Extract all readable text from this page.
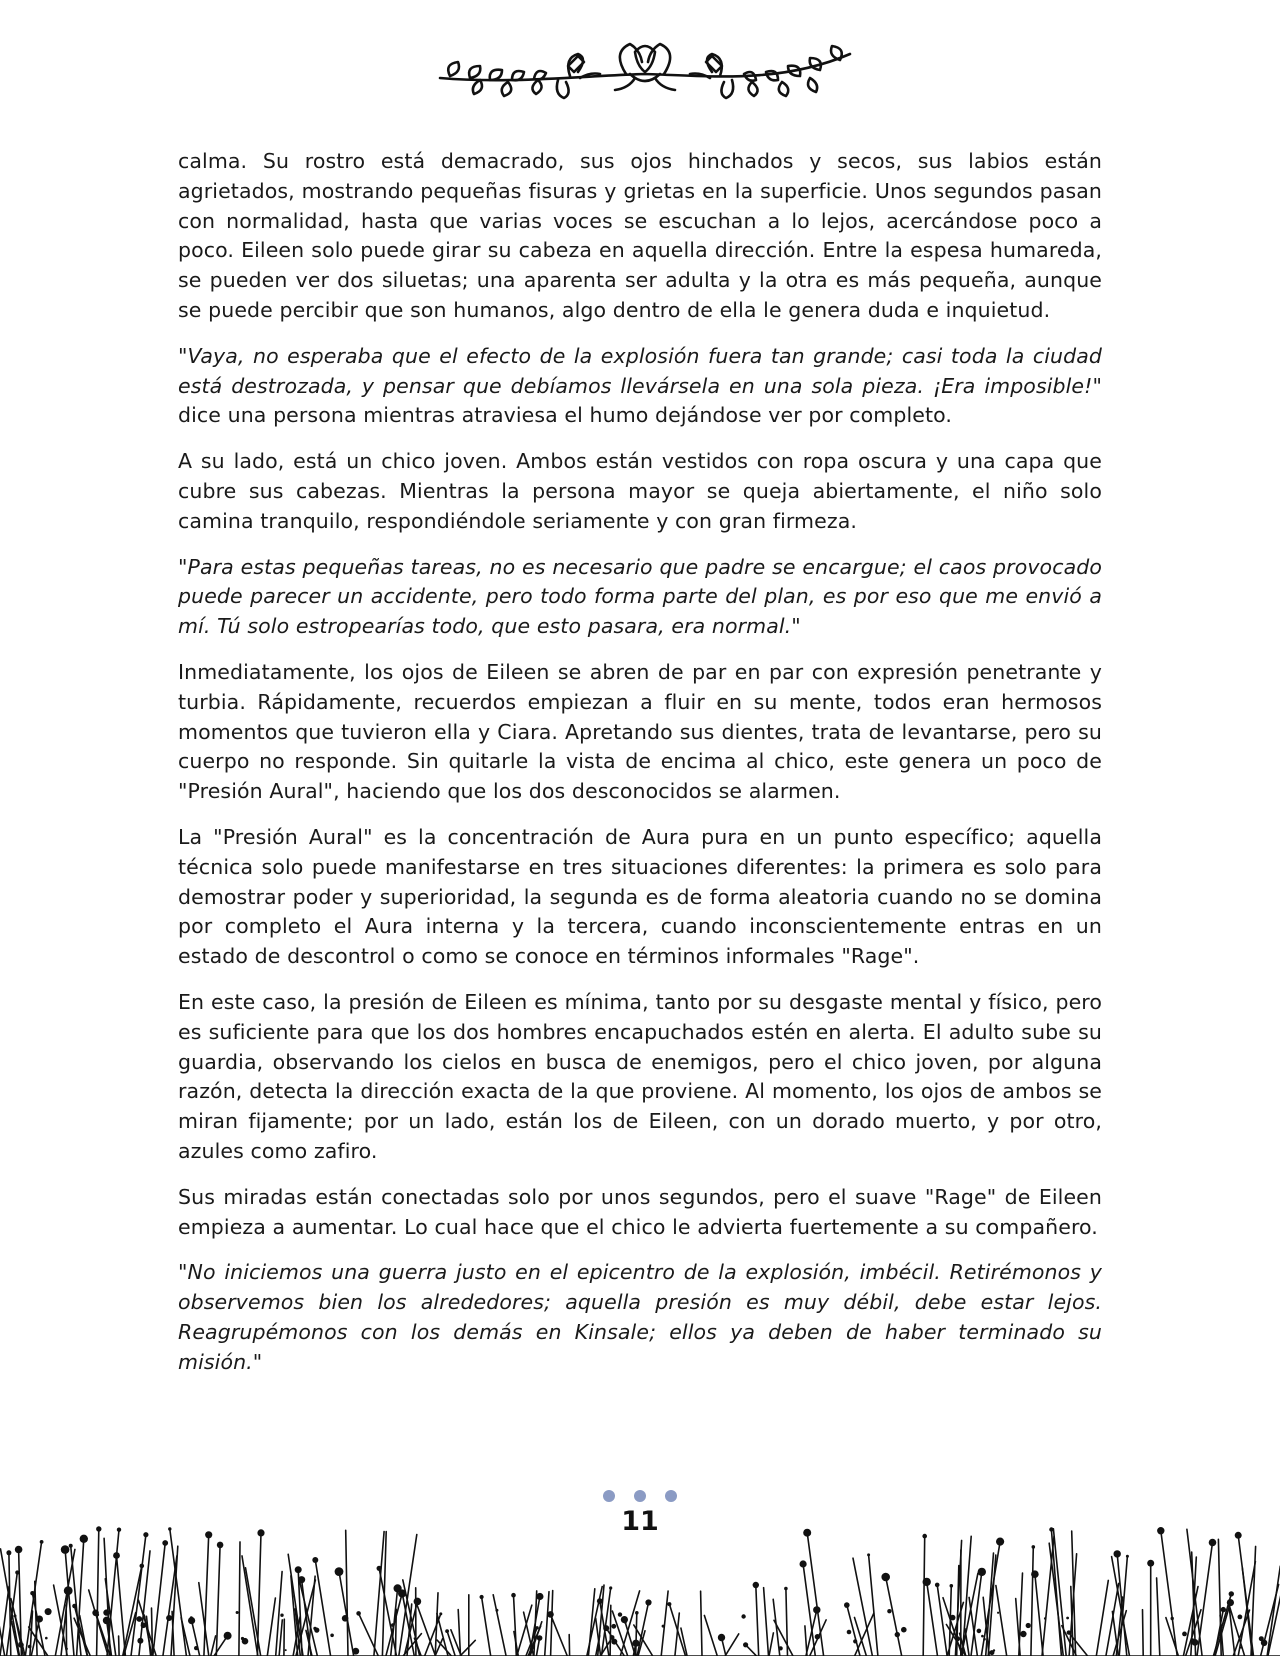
calma. Su rostro está demacrado, sus ojos hinchados y secos, sus labios están agrietados, mostrando pequeñas fisuras y grietas en la superficie. Unos segundos pasan con normalidad, hasta que varias voces se escuchan a lo lejos, acercándose poco a poco. Eileen solo puede girar su cabeza en aquella dirección. Entre la espesa humareda, se pueden ver dos siluetas; una aparenta ser adulta y la otra es más pequeña, aunque se puede percibir que son humanos, algo dentro de ella le genera duda e inquietud.

"Vaya, no esperaba que el efecto de la explosión fuera tan grande; casi toda la ciudad está destrozada, y pensar que debíamos llevársela en una sola pieza. ¡Era imposible!" dice una persona mientras atraviesa el humo dejándose ver por completo.

A su lado, está un chico joven. Ambos están vestidos con ropa oscura y una capa que cubre sus cabezas. Mientras la persona mayor se queja abiertamente, el niño solo camina tranquilo, respondiéndole seriamente y con gran firmeza.

"Para estas pequeñas tareas, no es necesario que padre se encargue; el caos provocado puede parecer un accidente, pero todo forma parte del plan, es por eso que me envió a mí. Tú solo estropearías todo, que esto pasara, era normal."

Inmediatamente, los ojos de Eileen se abren de par en par con expresión penetrante y turbia. Rápidamente, recuerdos empiezan a fluir en su mente, todos eran hermosos momentos que tuvieron ella y Ciara. Apretando sus dientes, trata de levantarse, pero su cuerpo no responde. Sin quitarle la vista de encima al chico, este genera un poco de "Presión Aural", haciendo que los dos desconocidos se alarmen.

La "Presión Aural" es la concentración de Aura pura en un punto específico; aquella técnica solo puede manifestarse en tres situaciones diferentes: la primera es solo para demostrar poder y superioridad, la segunda es de forma aleatoria cuando no se domina por completo el Aura interna y la tercera, cuando inconscientemente entras en un estado de descontrol o como se conoce en términos informales "Rage".

En este caso, la presión de Eileen es mínima, tanto por su desgaste mental y físico, pero es suficiente para que los dos hombres encapuchados estén en alerta. El adulto sube su guardia, observando los cielos en busca de enemigos, pero el chico joven, por alguna razón, detecta la dirección exacta de la que proviene. Al momento, los ojos de ambos se miran fijamente; por un lado, están los de Eileen, con un dorado muerto, y por otro, azules como zafiro.

Sus miradas están conectadas solo por unos segundos, pero el suave "Rage" de Eileen empieza a aumentar. Lo cual hace que el chico le advierta fuertemente a su compañero.

"No iniciemos una guerra justo en el epicentro de la explosión, imbécil. Retirémonos y observemos bien los alrededores; aquella presión es muy débil, debe estar lejos. Reagrupémonos con los demás en Kinsale; ellos ya deben de haber terminado su misión."

11
